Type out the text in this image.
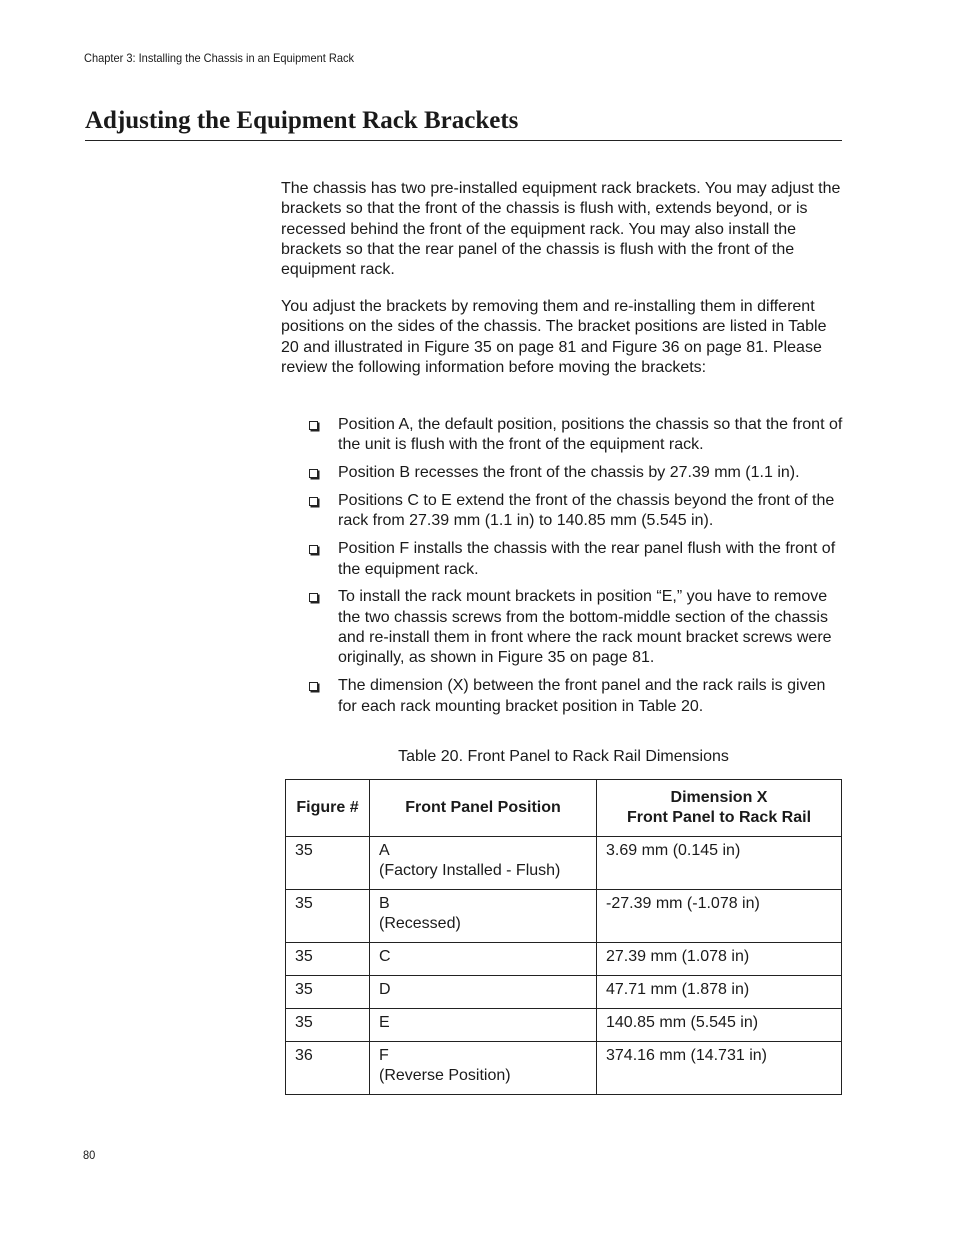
Chapter 3: Installing the Chassis in an Equipment Rack
Adjusting the Equipment Rack Brackets

The chassis has two pre-installed equipment rack brackets. You may adjust the brackets so that the front of the chassis is flush with, extends beyond, or is recessed behind the front of the equipment rack. You may also install the brackets so that the rear panel of the chassis is flush with the front of the equipment rack.

You adjust the brackets by removing them and re-installing them in different positions on the sides of the chassis. The bracket positions are listed in Table 20 and illustrated in Figure 35 on page 81 and Figure 36 on page 81. Please review the following information before moving the brackets:

Position A, the default position, positions the chassis so that the front of the unit is flush with the front of the equipment rack.
Position B recesses the front of the chassis by 27.39 mm (1.1 in).
Positions C to E extend the front of the chassis beyond the front of the rack from 27.39 mm (1.1 in) to 140.85 mm (5.545 in).
Position F installs the chassis with the rear panel flush with the front of the equipment rack.
To install the rack mount brackets in position “E,” you have to remove the two chassis screws from the bottom-middle section of the chassis and re-install them in front where the rack mount bracket screws were originally, as shown in Figure 35 on page 81.
The dimension (X) between the front panel and the rack rails is given for each rack mounting bracket position in Table 20.

Table 20. Front Panel to Rack Rail Dimensions

Figure #	Front Panel Position	Dimension X
Front Panel to Rack Rail
35	A
(Factory Installed - Flush)	3.69 mm (0.145 in)
35	B
(Recessed)	-27.39 mm (-1.078 in)
35	C	27.39 mm (1.078 in)
35	D	47.71 mm (1.878 in)
35	E	140.85 mm (5.545 in)
36	F
(Reverse Position)	374.16 mm (14.731 in)
80
